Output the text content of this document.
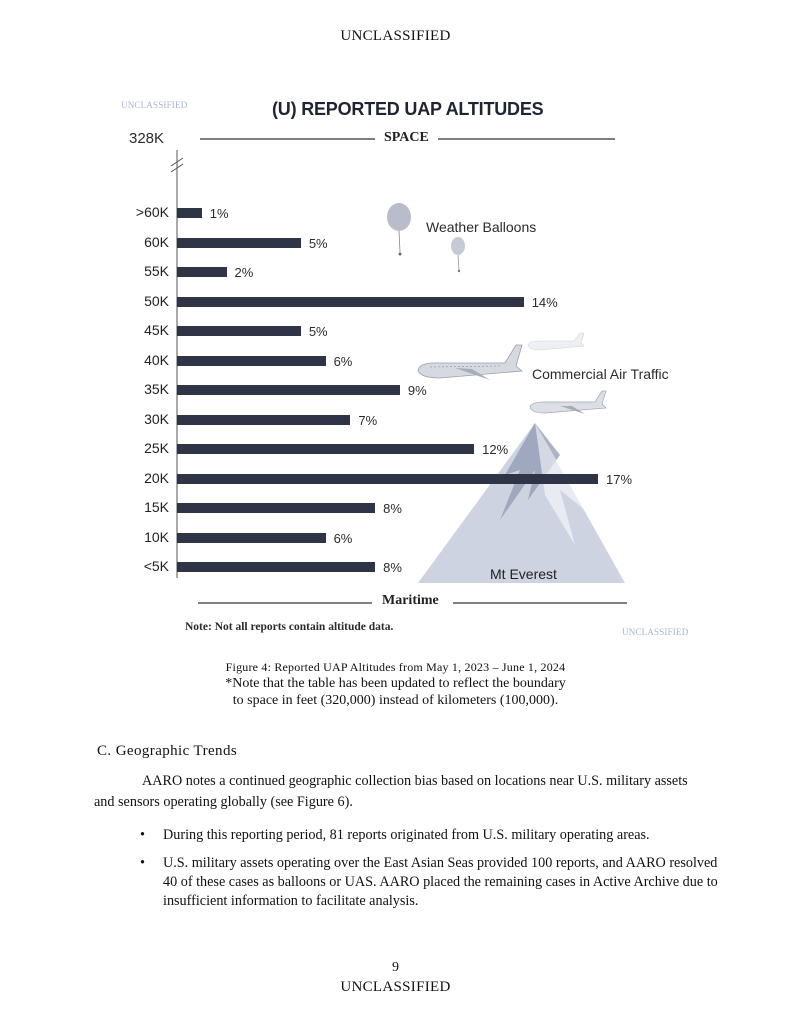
UNCLASSIFIED
UNCLASSIFIED
UNCLASSIFIED
(U) REPORTED UAP ALTITUDES
328K	SPACE
Maritime
Note: Not all reports contain altitude data.
Weather Balloons
Commercial Air Traffic
Mt Everest
>60K	1%
60K	5%
55K	2%
50K	14%
45K	5%
40K	6%
35K	9%
30K	7%
25K	12%
20K	17%
15K	8%
10K	6%
<5K	8%
Figure 4: Reported UAP Altitudes from May 1, 2023 – June 1, 2024
*Note that the table has been updated to reflect the boundary
to space in feet (320,000) instead of kilometers (100,000).
C. Geographic Trends
AARO notes a continued geographic collection bias based on locations near U.S. military assets and sensors operating globally (see Figure 6).
• During this reporting period, 81 reports originated from U.S. military operating areas.
• U.S. military assets operating over the East Asian Seas provided 100 reports, and AARO resolved 40 of these cases as balloons or UAS. AARO placed the remaining cases in Active Archive due to insufficient information to facilitate analysis.
9
UNCLASSIFIED
